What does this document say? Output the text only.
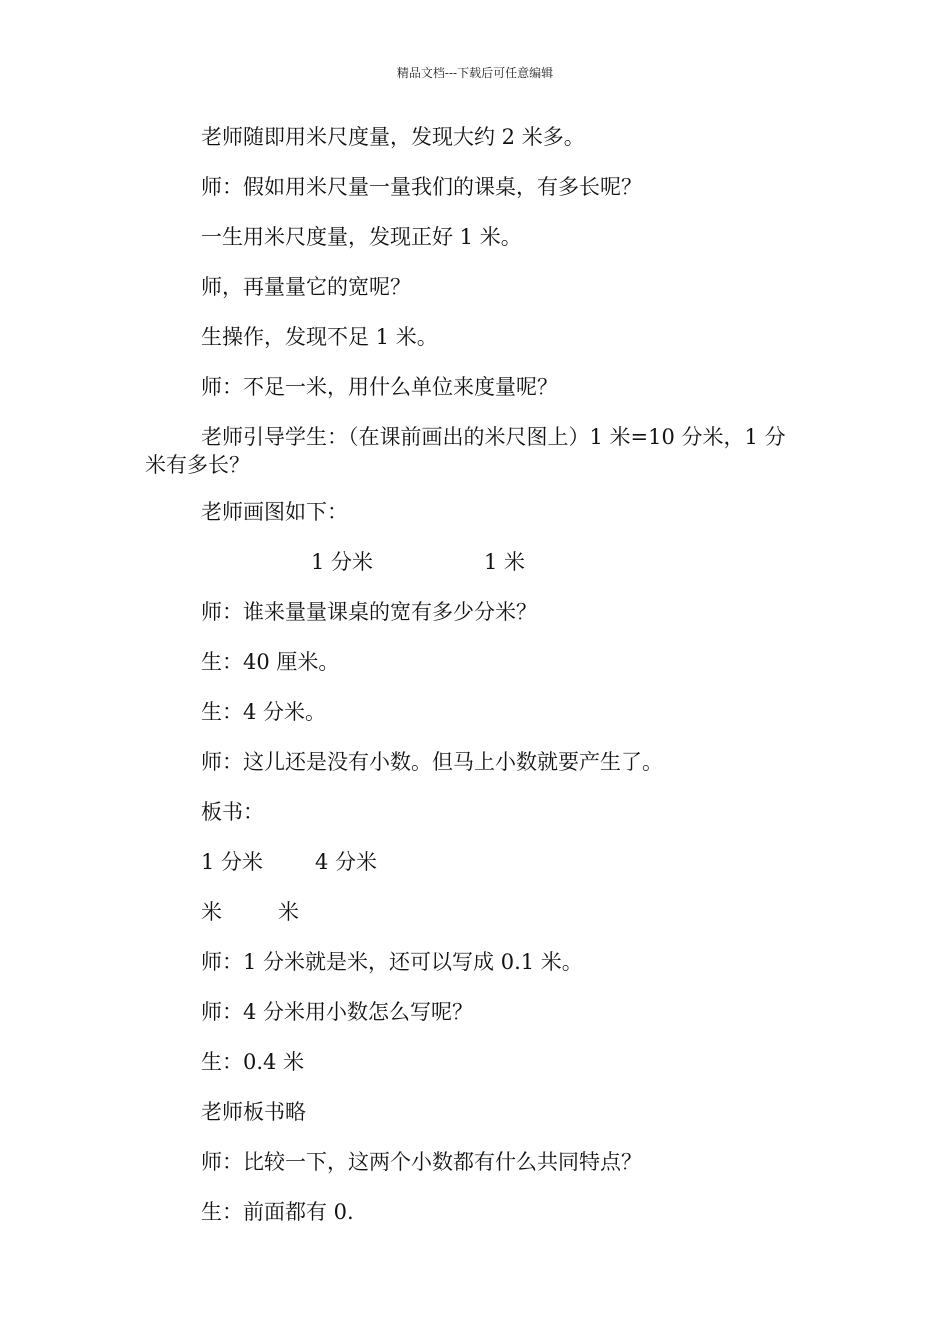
精品文档---下载后可任意编辑
老师随即用米尺度量，发现大约 2 米多。
师：假如用米尺量一量我们的课桌，有多长呢？
一生用米尺度量，发现正好 1 米。
师，再量量它的宽呢？
生操作，发现不足 1 米。
师：不足一米，用什么单位来度量呢？
老师引导学生：（在课前画出的米尺图上）1 米=10 分米，1 分
米有多长？
老师画图如下：
1 分米	1 米
师：谁来量量课桌的宽有多少分米？
生：40 厘米。
生：4 分米。
师：这儿还是没有小数。但马上小数就要产生了。
板书：
1 分米 4 分米
米	米
师：1 分米就是米，还可以写成 0.1 米。
师：4 分米用小数怎么写呢？
生：0.4 米
老师板书略
师：比较一下，这两个小数都有什么共同特点？
生：前面都有 0.
